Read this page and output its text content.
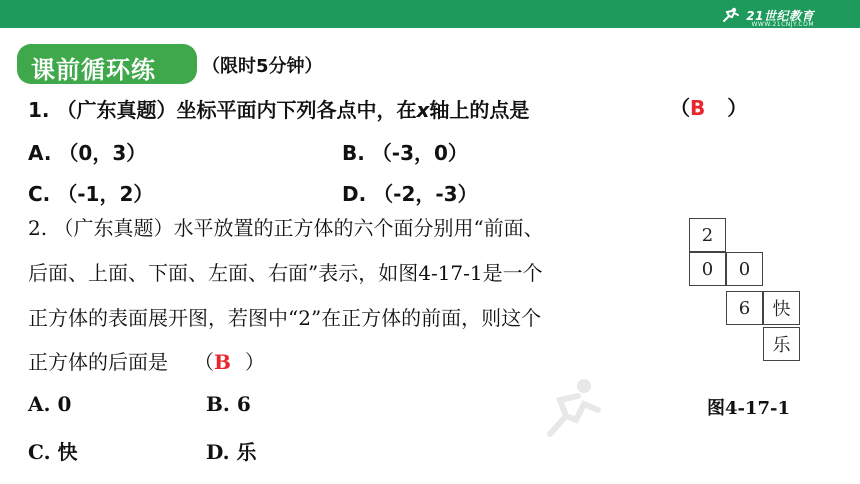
21世纪教育
WWW.21CNJY.COM
课前循环练	（限时5分钟）
1. （广东真题）坐标平面内下列各点中，在x轴上的点是	（B ）
A. （0，3）	B. （-3，0）
C. （-1，2）	D. （-2，-3）
2. （广东真题）水平放置的正方体的六个面分别用“前面、
后面、上面、下面、左面、右面”表示，如图4-17-1是一个
正方体的表面展开图，若图中“2”在正方体的前面，则这个
正方体的后面是 （B ）
A. 0	B. 6
C. 快	D. 乐
2
0	0
6	快
乐
图4-17-1
